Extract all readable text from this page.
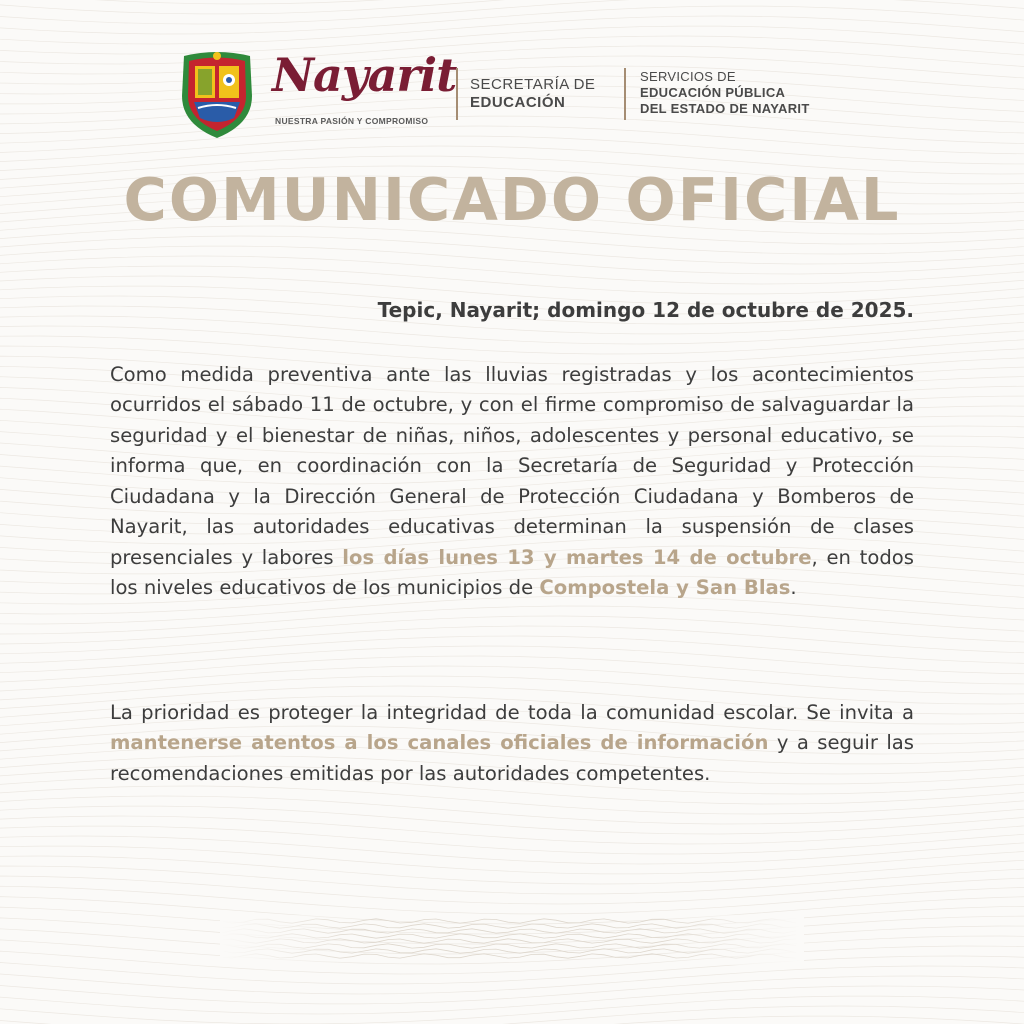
Nayarit
NUESTRA PASIÓN Y COMPROMISO
SECRETARÍA DE
EDUCACIÓN
SERVICIOS DE
EDUCACIÓN PÚBLICA
DEL ESTADO DE NAYARIT
COMUNICADO OFICIAL
Tepic, Nayarit; domingo 12 de octubre de 2025.

Como medida preventiva ante las lluvias registradas y los acontecimientos ocurridos el sábado 11 de octubre, y con el firme compromiso de salvaguardar la seguridad y el bienestar de niñas, niños, adolescentes y personal educativo, se informa que, en coordinación con la Secretaría de Seguridad y Protección Ciudadana y la Dirección General de Protección Ciudadana y Bomberos de Nayarit, las autoridades educativas determinan la suspensión de clases presenciales y labores los días lunes 13 y martes 14 de octubre, en todos los niveles educativos de los municipios de Compostela y San Blas.

La prioridad es proteger la integridad de toda la comunidad escolar. Se invita a mantenerse atentos a los canales oficiales de información y a seguir las recomendaciones emitidas por las autoridades competentes.
